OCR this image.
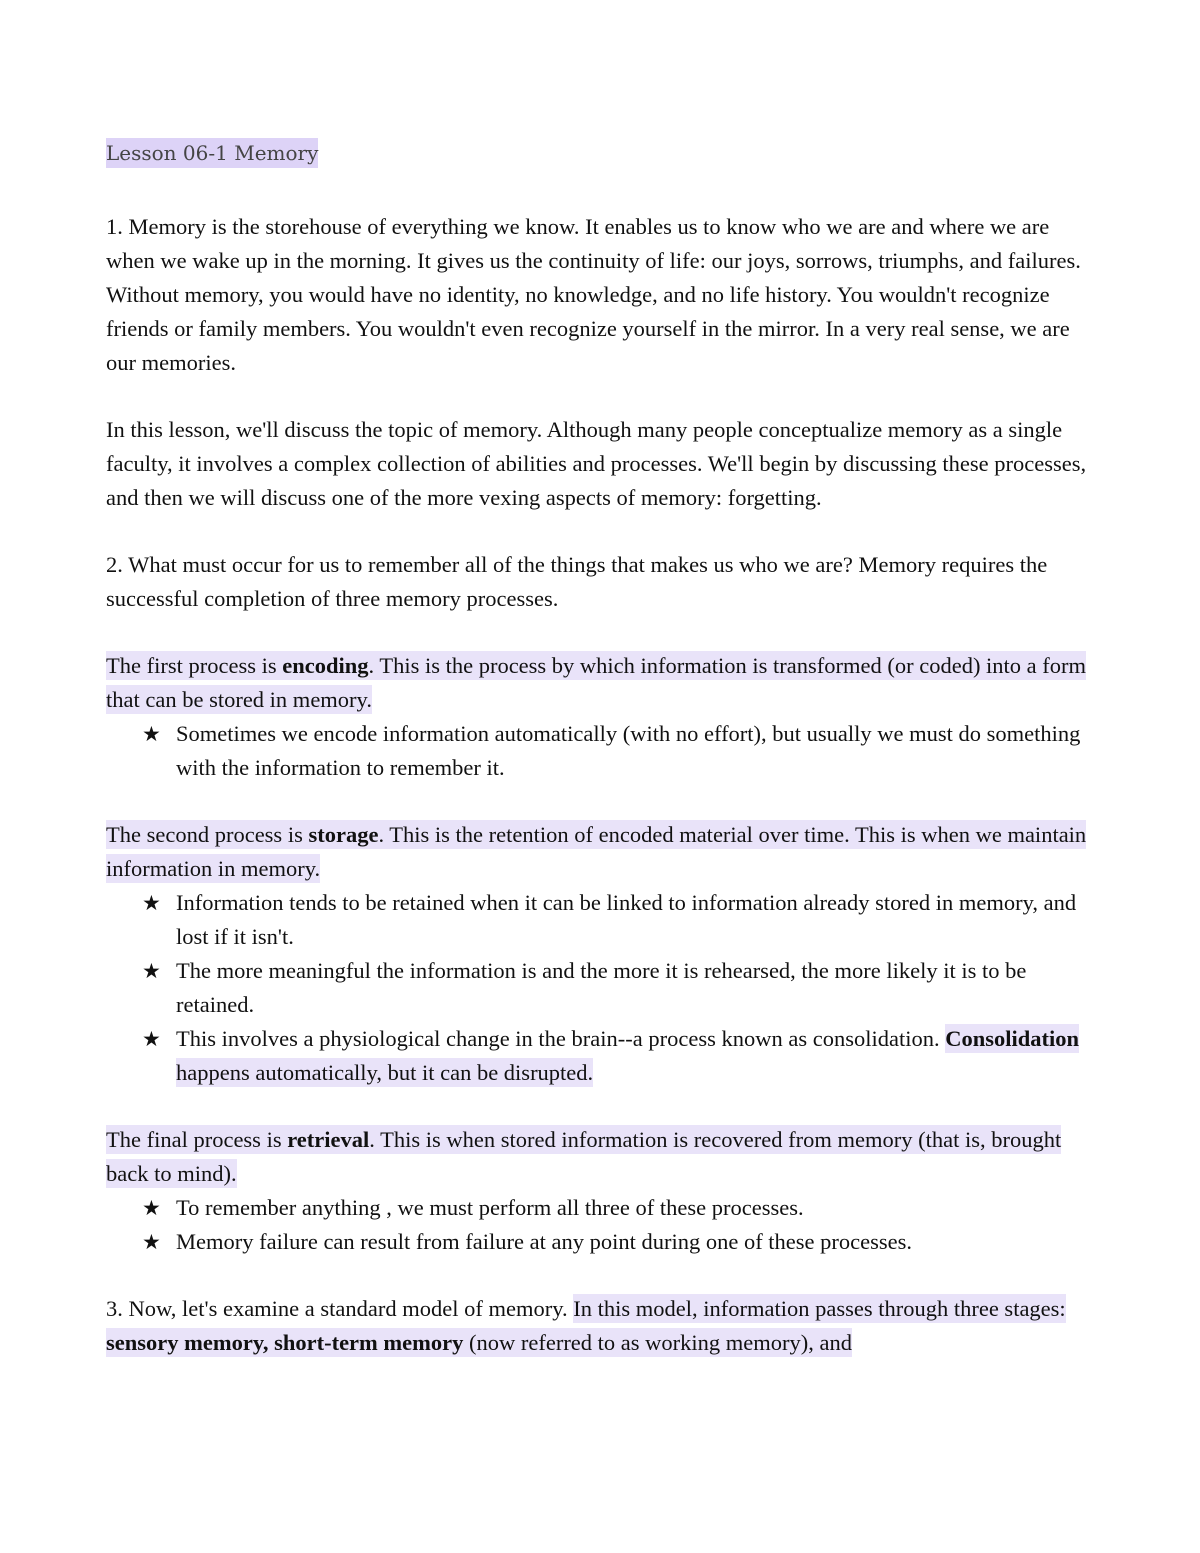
Lesson 06-1 Memory

1. Memory is the storehouse of everything we know. It enables us to know who we are and where we are when we wake up in the morning. It gives us the continuity of life: our joys, sorrows, triumphs, and failures. Without memory, you would have no identity, no knowledge, and no life history. You wouldn't recognize friends or family members. You wouldn't even recognize yourself in the mirror. In a very real sense, we are our memories.

In this lesson, we'll discuss the topic of memory. Although many people conceptualize memory as a single faculty, it involves a complex collection of abilities and processes. We'll begin by discussing these processes, and then we will discuss one of the more vexing aspects of memory: forgetting.

2. What must occur for us to remember all of the things that makes us who we are? Memory requires the successful completion of three memory processes.

The first process is encoding. This is the process by which information is transformed (or coded) into a form that can be stored in memory.

★ Sometimes we encode information automatically (with no effort), but usually we must do something with the information to remember it.

The second process is storage. This is the retention of encoded material over time. This is when we maintain information in memory.

★ Information tends to be retained when it can be linked to information already stored in memory, and lost if it isn't.
★ The more meaningful the information is and the more it is rehearsed, the more likely it is to be retained.
★ This involves a physiological change in the brain--a process known as consolidation. Consolidation happens automatically, but it can be disrupted.

The final process is retrieval. This is when stored information is recovered from memory (that is, brought back to mind).

★ To remember anything , we must perform all three of these processes.
★ Memory failure can result from failure at any point during one of these processes.

3. Now, let's examine a standard model of memory. In this model, information passes through three stages: sensory memory, short-term memory (now referred to as working memory), and
